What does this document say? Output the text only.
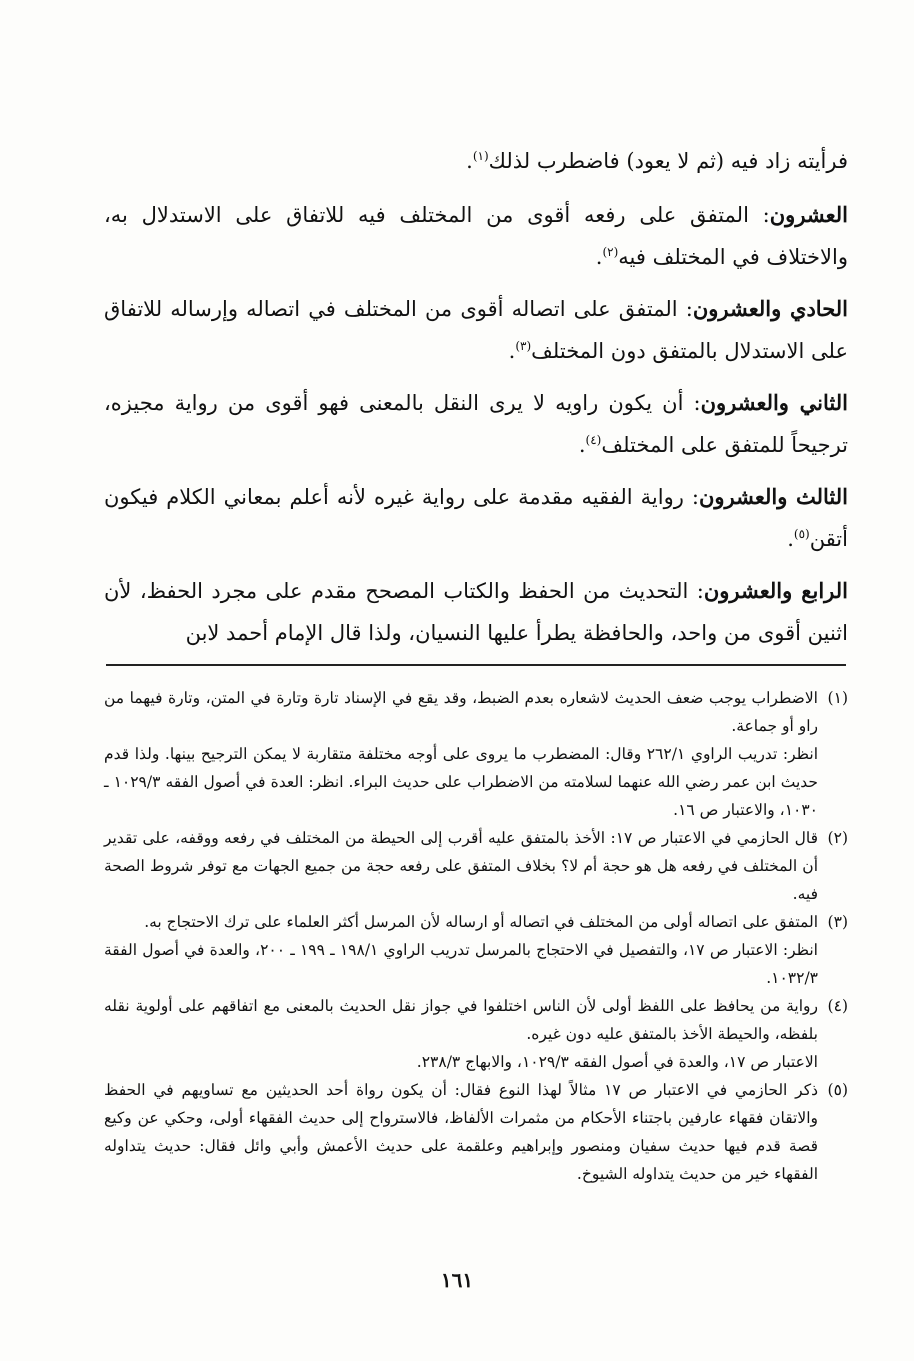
فرأيته زاد فيه (ثم لا يعود) فاضطرب لذلك$^{(١)}$.

العشرون: المتفق على رفعه أقوى من المختلف فيه للاتفاق على الاستدلال به، والاختلاف في المختلف فيه$^{(٢)}$.

الحادي والعشرون: المتفق على اتصاله أقوى من المختلف في اتصاله وإرساله للاتفاق على الاستدلال بالمتفق دون المختلف$^{(٣)}$.

الثاني والعشرون: أن يكون راويه لا يرى النقل بالمعنى فهو أقوى من رواية مجيزه، ترجيحاً للمتفق على المختلف$^{(٤)}$.

الثالث والعشرون: رواية الفقيه مقدمة على رواية غيره لأنه أعلم بمعاني الكلام فيكون أتقن$^{(٥)}$.

الرابع والعشرون: التحديث من الحفظ والكتاب المصحح مقدم على مجرد الحفظ، لأن اثنين أقوى من واحد، والحافظة يطرأ عليها النسيان، ولذا قال الإمام أحمد لابن

(١)
الاضطراب يوجب ضعف الحديث لاشعاره بعدم الضبط، وقد يقع في الإسناد تارة وتارة في المتن، وتارة فيهما من راو أو جماعة.
انظر: تدريب الراوي ٢٦٢/١ وقال: المضطرب ما يروى على أوجه مختلفة متقاربة لا يمكن الترجيح بينها. ولذا قدم حديث ابن عمر رضي الله عنهما لسلامته من الاضطراب على حديث البراء. انظر: العدة في أصول الفقه ١٠٢٩/٣ ـ ١٠٣٠، والاعتبار ص ١٦.
(٢)
قال الحازمي في الاعتبار ص ١٧: الأخذ بالمتفق عليه أقرب إلى الحيطة من المختلف في رفعه ووقفه، على تقدير أن المختلف في رفعه هل هو حجة أم لا؟ بخلاف المتفق على رفعه حجة من جميع الجهات مع توفر شروط الصحة فيه.
(٣)
المتفق على اتصاله أولى من المختلف في اتصاله أو ارساله لأن المرسل أكثر العلماء على ترك الاحتجاج به.
انظر: الاعتبار ص ١٧، والتفصيل في الاحتجاج بالمرسل تدريب الراوي ١٩٨/١ ـ ١٩٩ ـ ٢٠٠، والعدة في أصول الفقة ١٠٣٢/٣.
(٤)
رواية من يحافظ على اللفظ أولى لأن الناس اختلفوا في جواز نقل الحديث بالمعنى مع اتفاقهم على أولوية نقله بلفظه، والحيطة الأخذ بالمتفق عليه دون غيره.
الاعتبار ص ١٧، والعدة في أصول الفقه ١٠٢٩/٣، والابهاج ٢٣٨/٣.
(٥)
ذكر الحازمي في الاعتبار ص ١٧ مثالاً لهذا النوع فقال: أن يكون رواة أحد الحديثين مع تساويهم في الحفظ والاتقان فقهاء عارفين باجتناء الأحكام من مثمرات الألفاظ، فالاسترواح إلى حديث الفقهاء أولى، وحكي عن وكيع قصة قدم فيها حديث سفيان ومنصور وإبراهيم وعلقمة على حديث الأعمش وأبي وائل فقال: حديث يتداوله الفقهاء خير من حديث يتداوله الشيوخ.
١٦١
